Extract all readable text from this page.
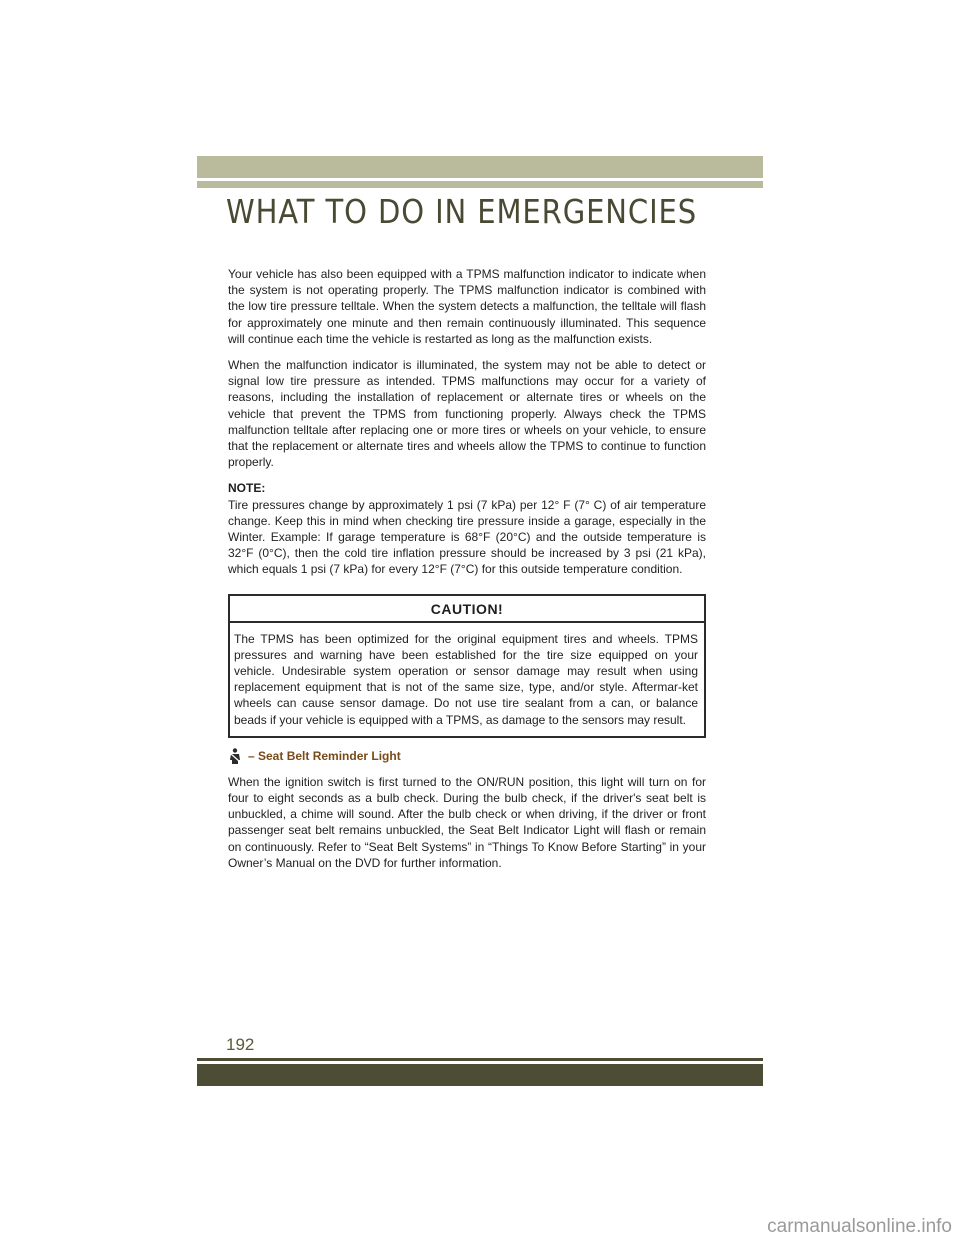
WHAT TO DO IN EMERGENCIES

Your vehicle has also been equipped with a TPMS malfunction indicator to indicate when the system is not operating properly. The TPMS malfunction indicator is combined with the low tire pressure telltale. When the system detects a malfunction, the telltale will flash for approximately one minute and then remain continuously illuminated. This sequence will continue each time the vehicle is restarted as long as the malfunction exists.

When the malfunction indicator is illuminated, the system may not be able to detect or signal low tire pressure as intended. TPMS malfunctions may occur for a variety of reasons, including the installation of replacement or alternate tires or wheels on the vehicle that prevent the TPMS from functioning properly. Always check the TPMS malfunction telltale after replacing one or more tires or wheels on your vehicle, to ensure that the replacement or alternate tires and wheels allow the TPMS to continue to function properly.

NOTE:
Tire pressures change by approximately 1 psi (7 kPa) per 12° F (7° C) of air temperature change. Keep this in mind when checking tire pressure inside a garage, especially in the Winter. Example: If garage temperature is 68°F (20°C) and the outside temperature is 32°F (0°C), then the cold tire inflation pressure should be increased by 3 psi (21 kPa), which equals 1 psi (7 kPa) for every 12°F (7°C) for this outside temperature condition.

CAUTION!

The TPMS has been optimized for the original equipment tires and wheels. TPMS pressures and warning have been established for the tire size equipped on your vehicle. Undesirable system operation or sensor damage may result when using replacement equipment that is not of the same size, type, and/or style. Aftermar-ket wheels can cause sensor damage. Do not use tire sealant from a can, or balance beads if your vehicle is equipped with a TPMS, as damage to the sensors may result.

– Seat Belt Reminder Light

When the ignition switch is first turned to the ON/RUN position, this light will turn on for four to eight seconds as a bulb check. During the bulb check, if the driver's seat belt is unbuckled, a chime will sound. After the bulb check or when driving, if the driver or front passenger seat belt remains unbuckled, the Seat Belt Indicator Light will flash or remain on continuously. Refer to “Seat Belt Systems” in “Things To Know Before Starting” in your Owner’s Manual on the DVD for further information.

192
carmanualsonline.info
